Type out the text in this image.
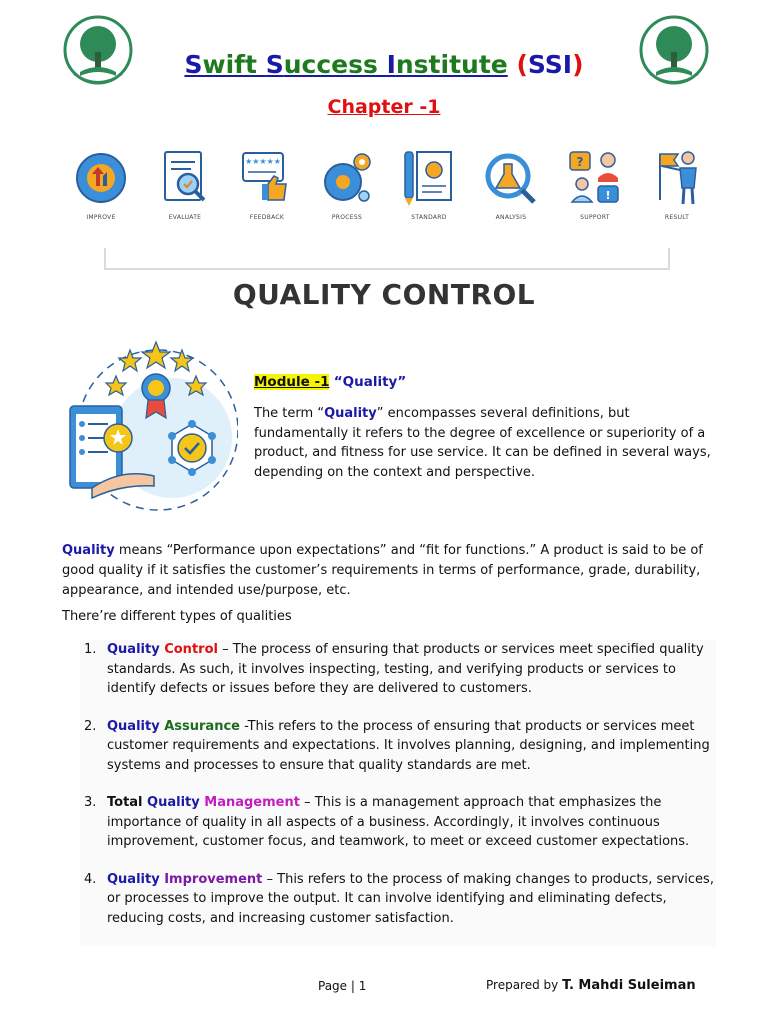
Swift Success Institute (SSI)
Chapter -1
IMPROVE	EVALUATE
★★★★★
FEEDBACK	PROCESS	STANDARD	ANALYSIS
?
!
SUPPORT	RESULT
QUALITY CONTROL
Module -1 “Quality”
The term “Quality” encompasses several definitions, but fundamentally it refers to the degree of excellence or superiority of a product, and fitness for use service. It can be defined in several ways, depending on the context and perspective.
Quality means “Performance upon expectations” and “fit for functions.” A product is said to be of good quality if it satisfies the customer’s requirements in terms of performance, grade, durability, appearance, and intended use/purpose, etc.
There’re different types of qualities
1. Quality Control – The process of ensuring that products or services meet specified quality standards. As such, it involves inspecting, testing, and verifying products or services to identify defects or issues before they are delivered to customers.
2. Quality Assurance -This refers to the process of ensuring that products or services meet customer requirements and expectations. It involves planning, designing, and implementing systems and processes to ensure that quality standards are met.
3. Total Quality Management – This is a management approach that emphasizes the importance of quality in all aspects of a business. Accordingly, it involves continuous improvement, customer focus, and teamwork, to meet or exceed customer expectations.
4. Quality Improvement – This refers to the process of making changes to products, services, or processes to improve the output. It can involve identifying and eliminating defects, reducing costs, and increasing customer satisfaction.
Page | 1	Prepared by T. Mahdi Suleiman
